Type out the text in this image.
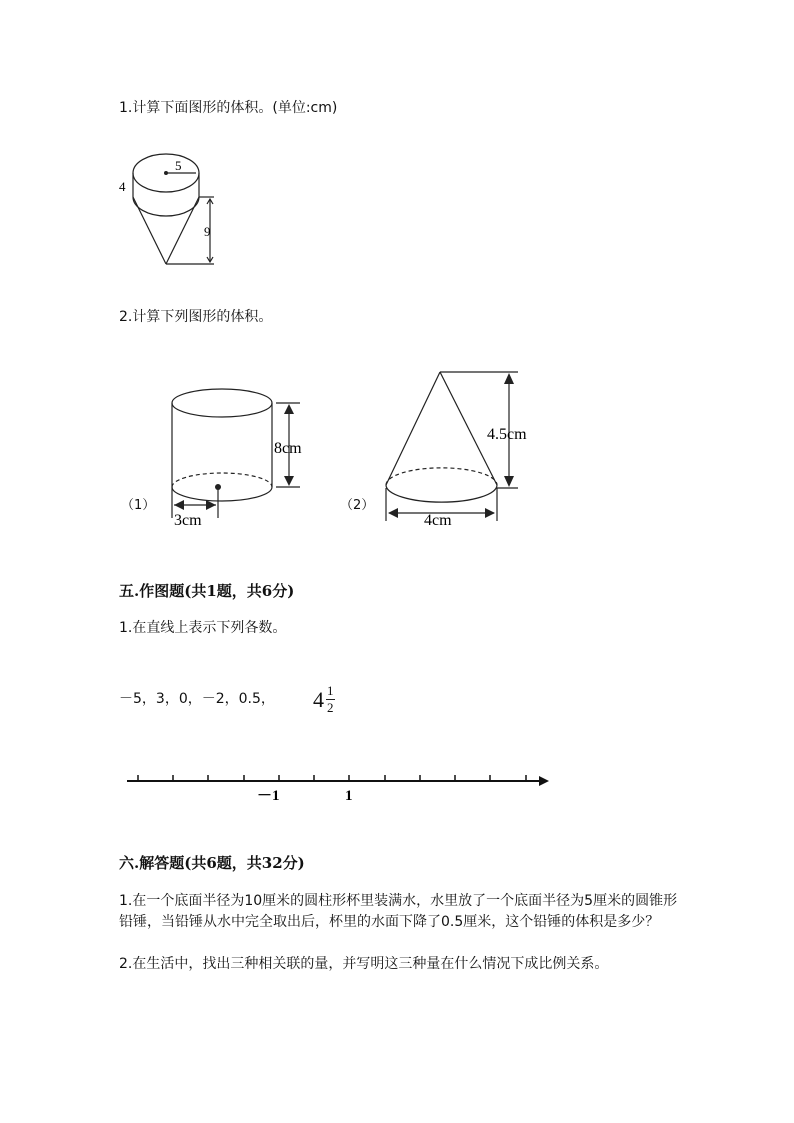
1.计算下面图形的体积。(单位:cm)
5
4
9
2.计算下列图形的体积。
8cm
3cm
（1）
4.5cm
4cm
（2）
五.作图题(共1题，共6分)
1.在直线上表示下列各数。
－5，3，0，－2，0.5， 4 1
2
－1	1
六.解答题(共6题，共32分)
1.在一个底面半径为10厘米的圆柱形杯里装满水，水里放了一个底面半径为5厘米的圆锥形铅锤，当铅锤从水中完全取出后，杯里的水面下降了0.5厘米，这个铅锤的体积是多少？
2.在生活中，找出三种相关联的量，并写明这三种量在什么情况下成比例关系。
